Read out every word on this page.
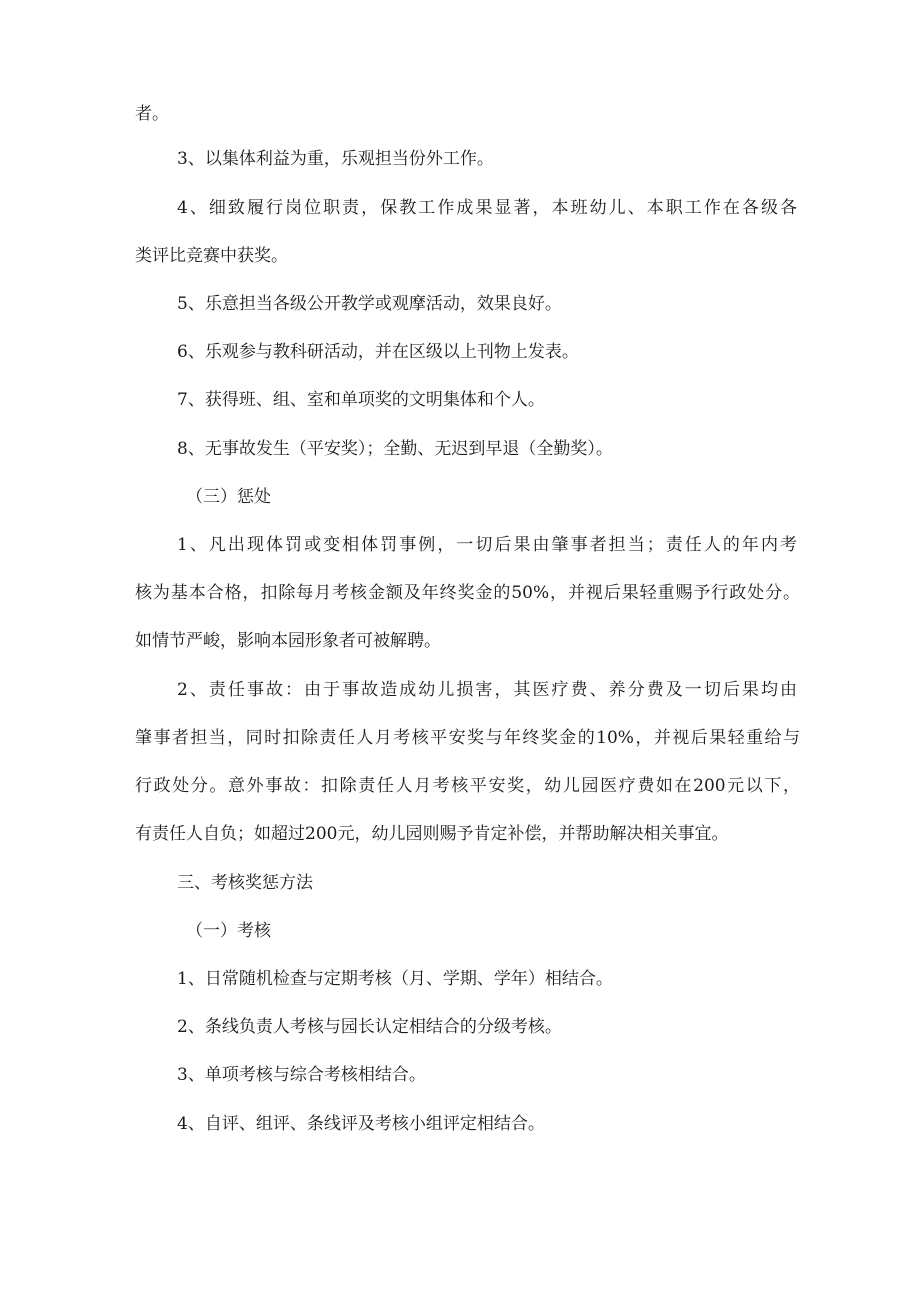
者。
3、以集体利益为重，乐观担当份外工作。
4、细致履行岗位职责，保教工作成果显著，本班幼儿、本职工作在各级各
类评比竞赛中获奖。
5、乐意担当各级公开教学或观摩活动，效果良好。
6、乐观参与教科研活动，并在区级以上刊物上发表。
7、获得班、组、室和单项奖的文明集体和个人。
8、无事故发生（平安奖）；全勤、无迟到早退（全勤奖）。
（三）惩处
1、凡出现体罚或变相体罚事例，一切后果由肇事者担当；责任人的年内考
核为基本合格，扣除每月考核金额及年终奖金的50%，并视后果轻重赐予行政处分。
如情节严峻，影响本园形象者可被解聘。
2、责任事故：由于事故造成幼儿损害，其医疗费、养分费及一切后果均由
肇事者担当，同时扣除责任人月考核平安奖与年终奖金的10%，并视后果轻重给与
行政处分。意外事故：扣除责任人月考核平安奖，幼儿园医疗费如在200元以下，
有责任人自负；如超过200元，幼儿园则赐予肯定补偿，并帮助解决相关事宜。
三、考核奖惩方法
（一）考核
1、日常随机检查与定期考核（月、学期、学年）相结合。
2、条线负责人考核与园长认定相结合的分级考核。
3、单项考核与综合考核相结合。
4、自评、组评、条线评及考核小组评定相结合。
